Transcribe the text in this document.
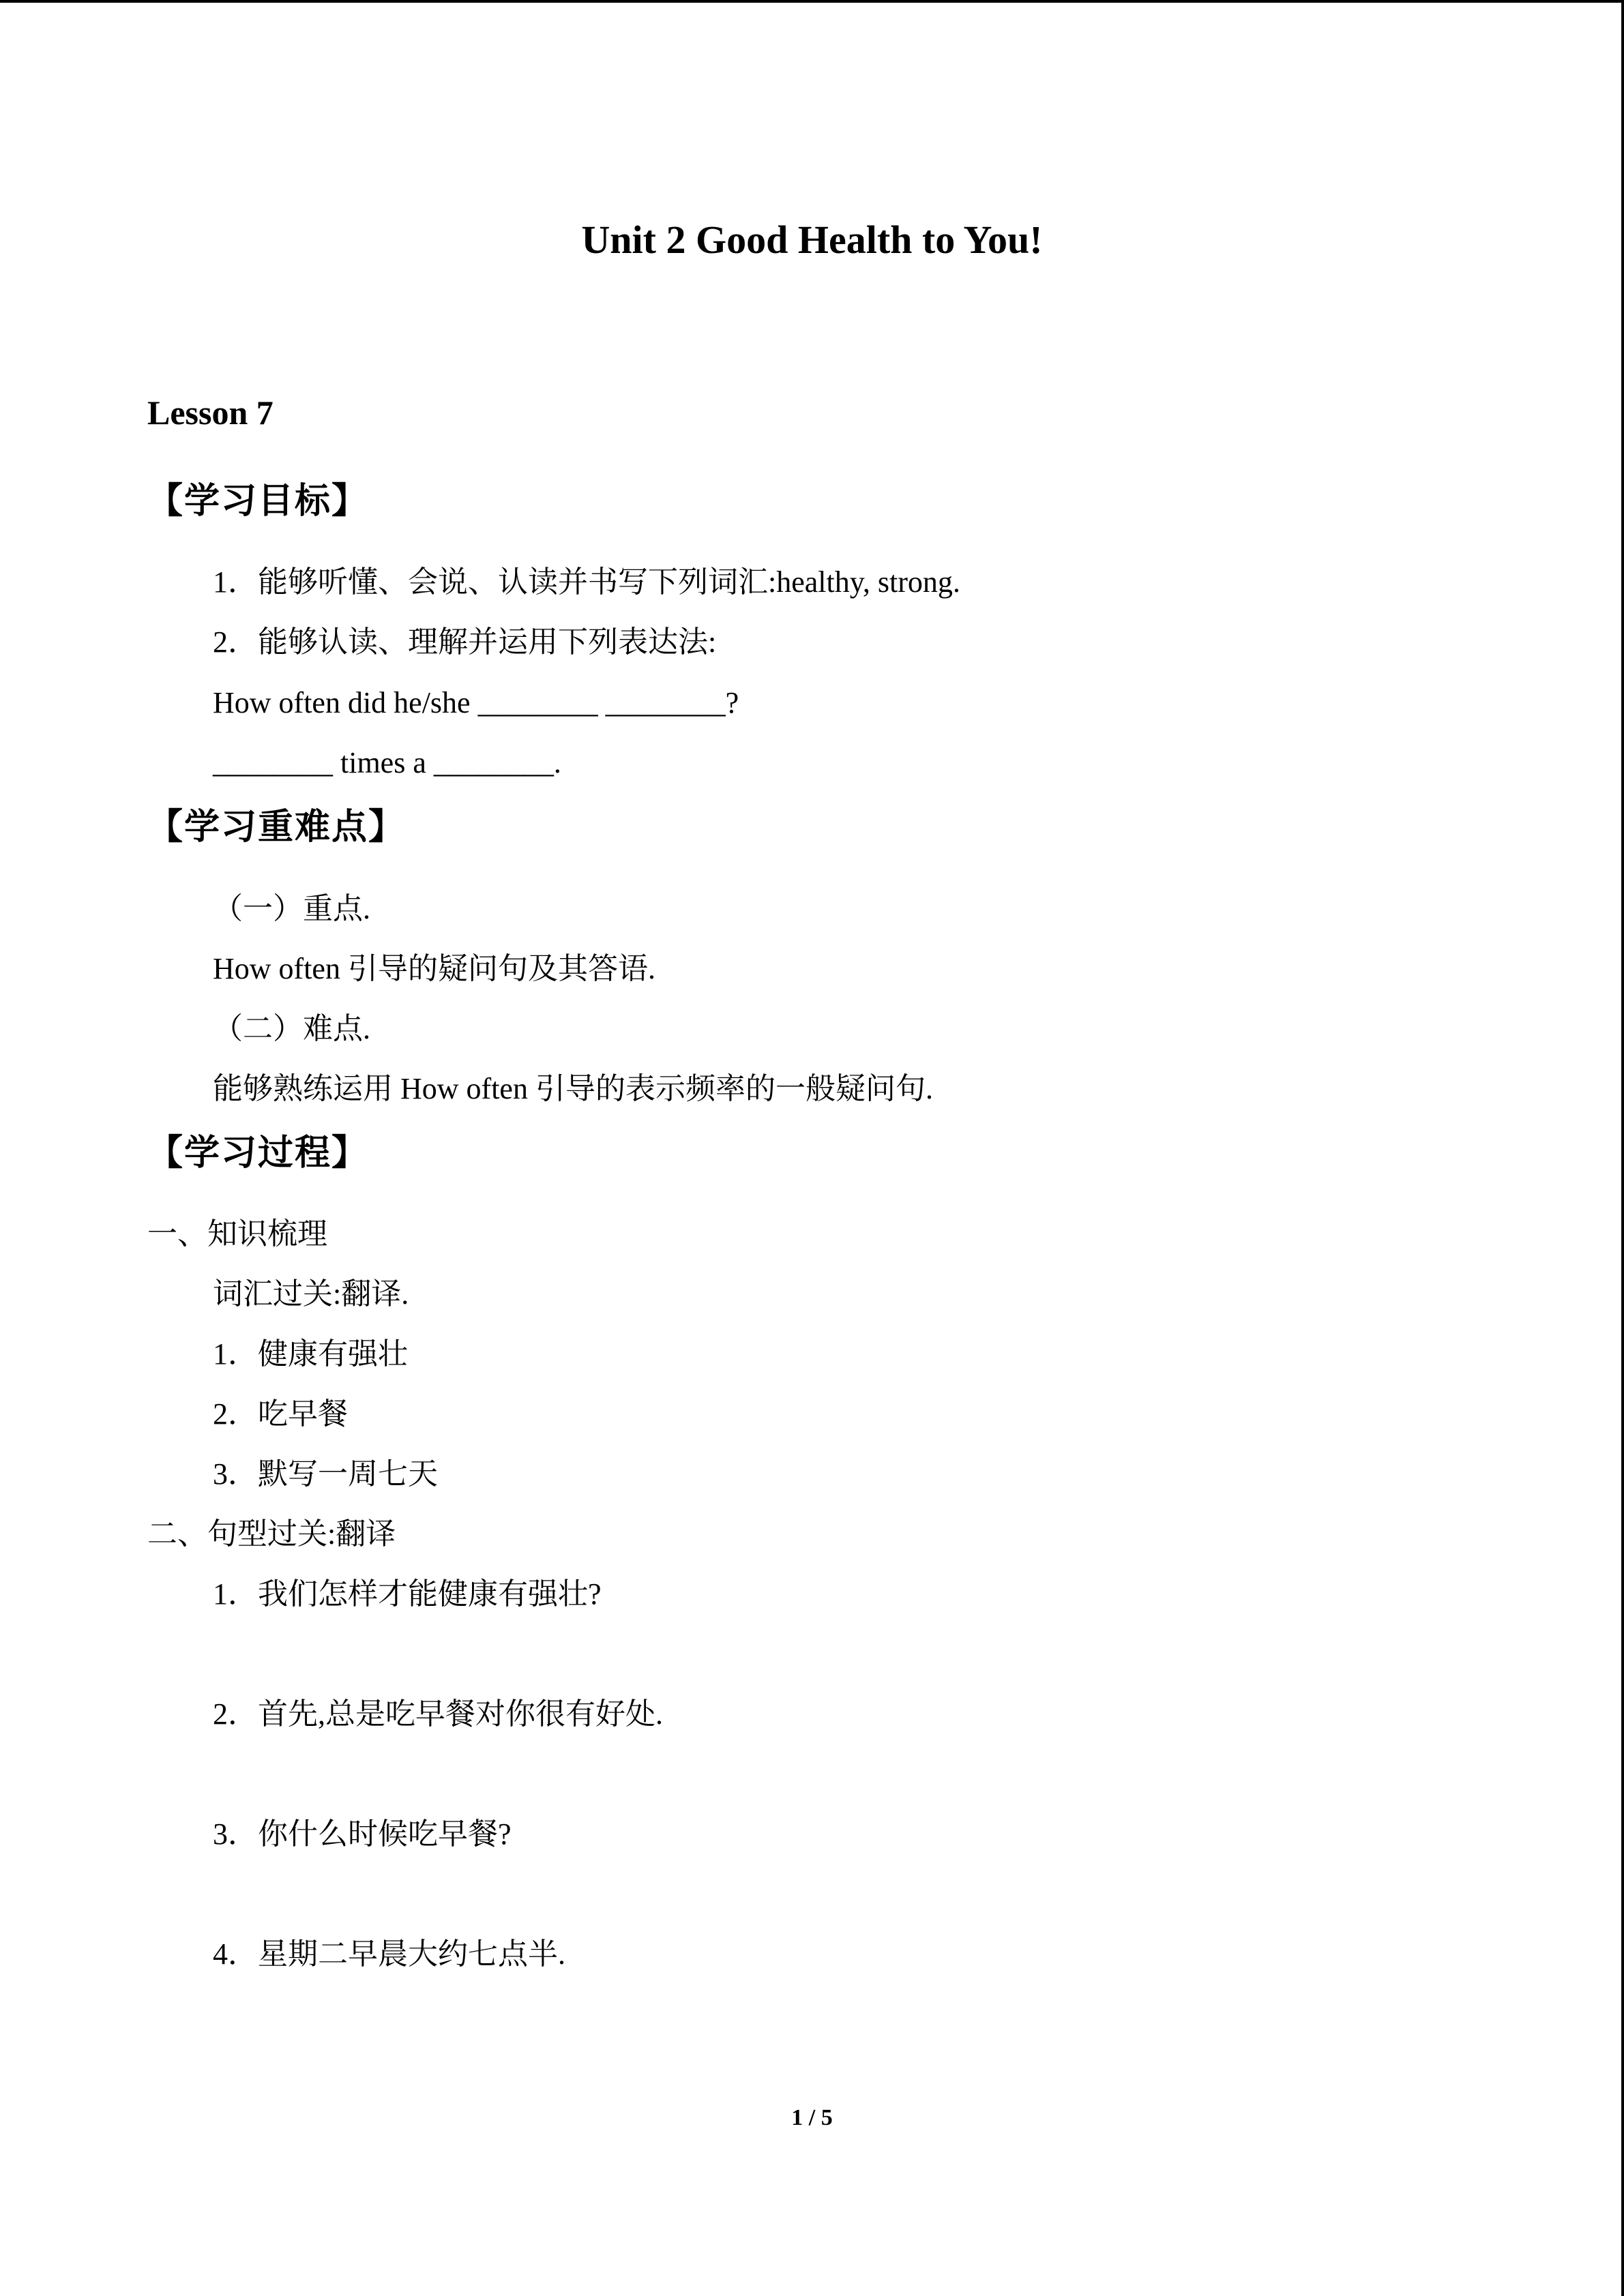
Unit 2 Good Health to You!
Lesson 7
【学习目标】
1．能够听懂、会说、认读并书写下列词汇:healthy, strong.
2．能够认读、理解并运用下列表达法:
How often did he/she ________ ________?
________ times a ________.
【学习重难点】
（一）重点.
How often 引导的疑问句及其答语.
（二）难点.
能够熟练运用 How often 引导的表示频率的一般疑问句.
【学习过程】
一、知识梳理
词汇过关:翻译.
1．健康有强壮
2．吃早餐
3．默写一周七天
二、句型过关:翻译
1．我们怎样才能健康有强壮?
2．首先,总是吃早餐对你很有好处.
3．你什么时候吃早餐?
4．星期二早晨大约七点半.
1 / 5
